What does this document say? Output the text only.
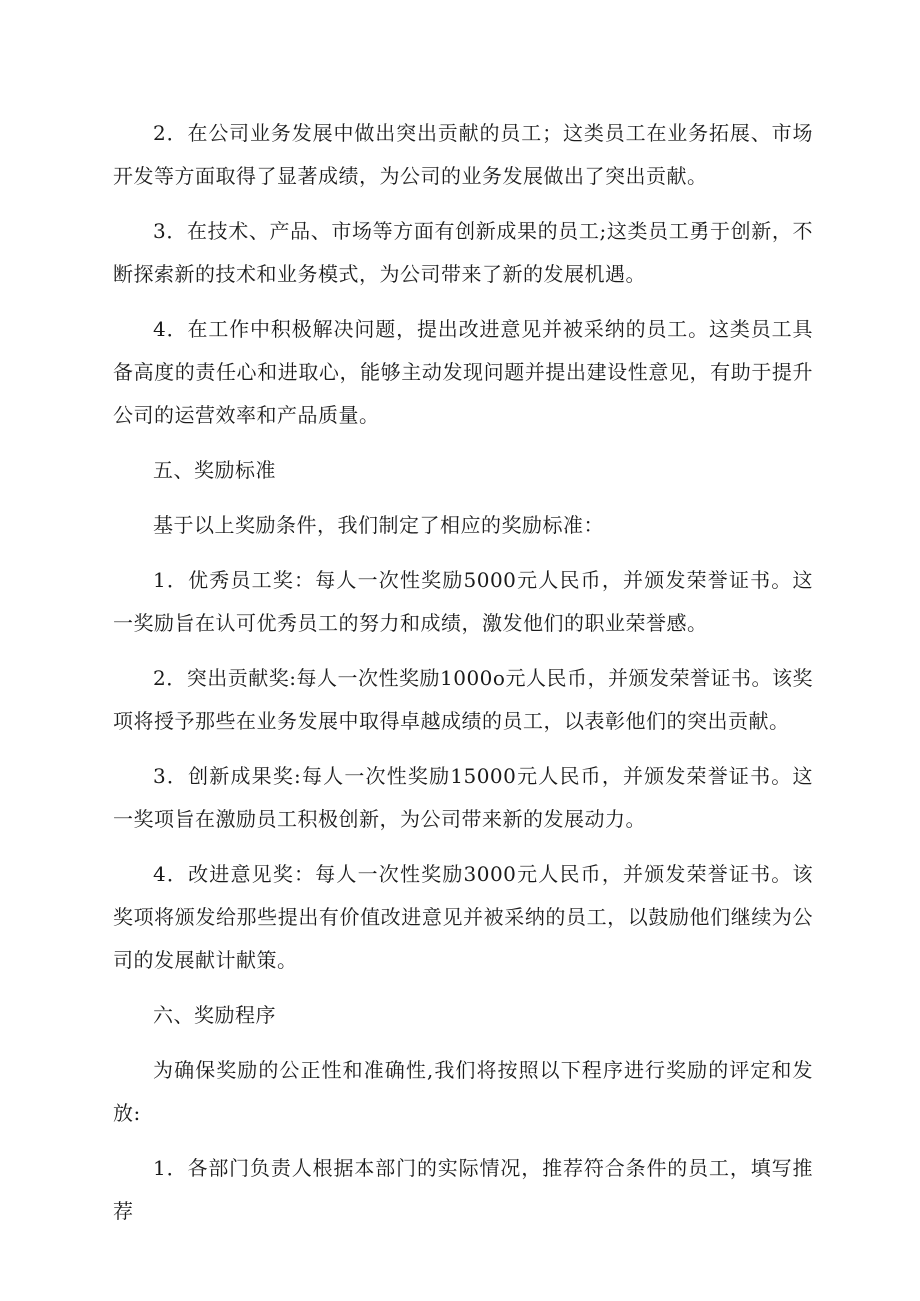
2．在公司业务发展中做出突出贡献的员工；这类员工在业务拓展、市场开发等方面取得了显著成绩，为公司的业务发展做出了突出贡献。

3．在技术、产品、市场等方面有创新成果的员工;这类员工勇于创新，不断探索新的技术和业务模式，为公司带来了新的发展机遇。

4．在工作中积极解决问题，提出改进意见并被采纳的员工。这类员工具备高度的责任心和进取心，能够主动发现问题并提出建设性意见，有助于提升公司的运营效率和产品质量。

五、奖励标准

基于以上奖励条件，我们制定了相应的奖励标准：

1．优秀员工奖：每人一次性奖励5000元人民币，并颁发荣誉证书。这一奖励旨在认可优秀员工的努力和成绩，激发他们的职业荣誉感。

2．突出贡献奖:每人一次性奖励1000o元人民币，并颁发荣誉证书。该奖项将授予那些在业务发展中取得卓越成绩的员工，以表彰他们的突出贡献。

3．创新成果奖:每人一次性奖励15000元人民币，并颁发荣誉证书。这一奖项旨在激励员工积极创新，为公司带来新的发展动力。

4．改进意见奖：每人一次性奖励3000元人民币，并颁发荣誉证书。该奖项将颁发给那些提出有价值改进意见并被采纳的员工，以鼓励他们继续为公司的发展献计献策。

六、奖励程序

为确保奖励的公正性和准确性,我们将按照以下程序进行奖励的评定和发放:

1．各部门负责人根据本部门的实际情况，推荐符合条件的员工，填写推荐
